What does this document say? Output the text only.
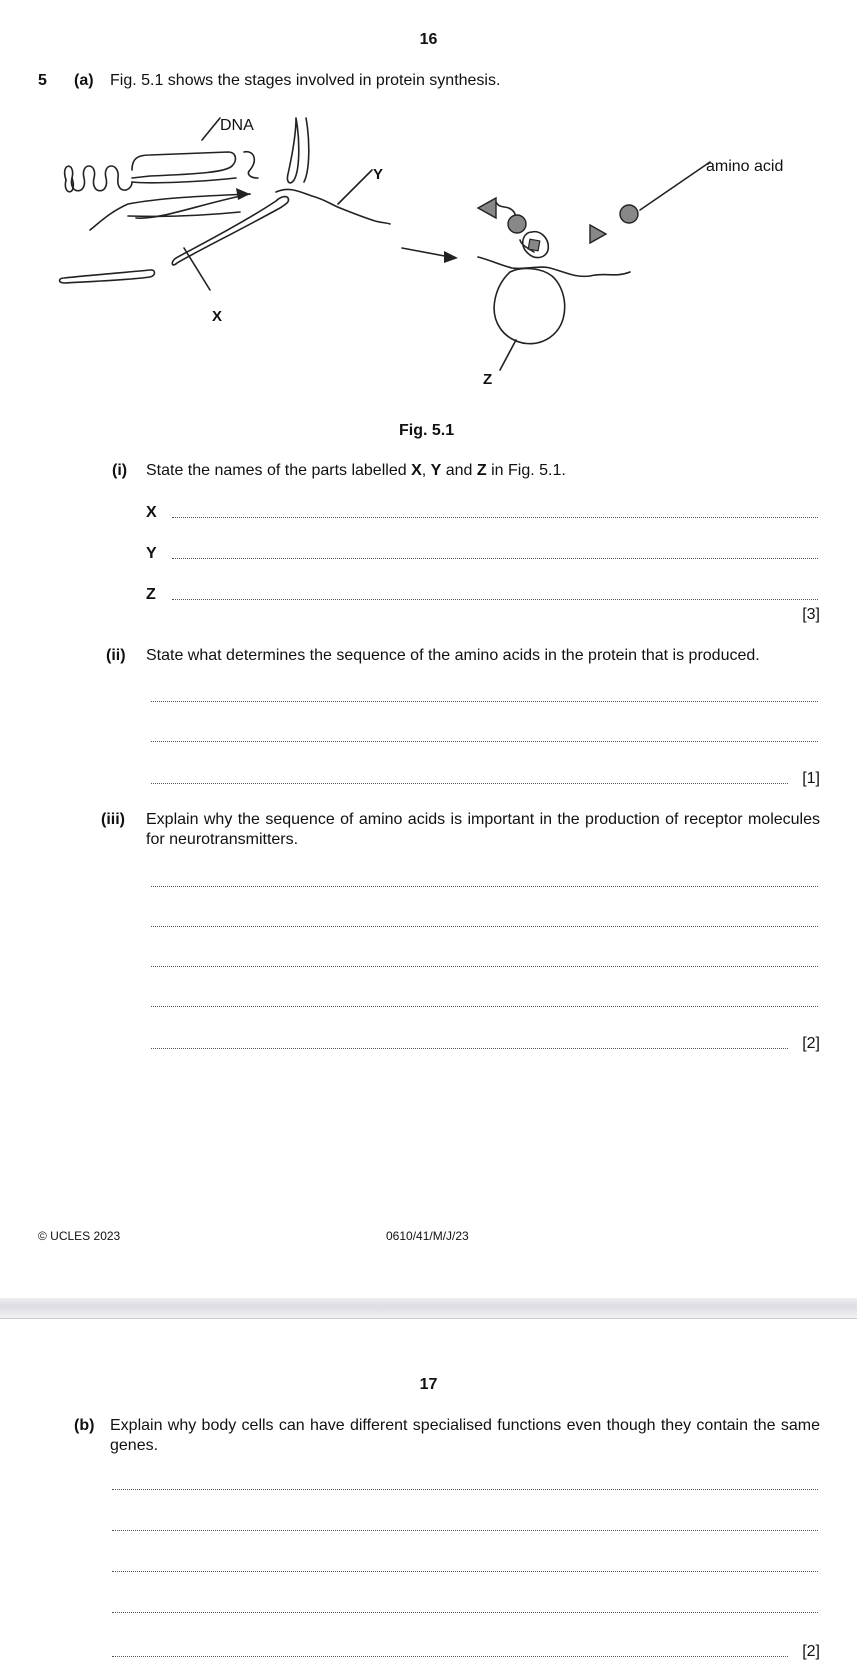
16
5 (a) Fig. 5.1 shows the stages involved in protein synthesis.
DNA
Y
X
Z
amino acid
Fig. 5.1
(i) State the names of the parts labelled X, Y and Z in Fig. 5.1.
X
Y
Z
[3]
(ii) State what determines the sequence of the amino acids in the protein that is produced.
[1]
(iii) Explain why the sequence of amino acids is important in the production of receptor molecules for neurotransmitters.
[2]
© UCLES 2023	0610/41/M/J/23
17
(b) Explain why body cells can have different specialised functions even though they contain the same genes.
[2]
